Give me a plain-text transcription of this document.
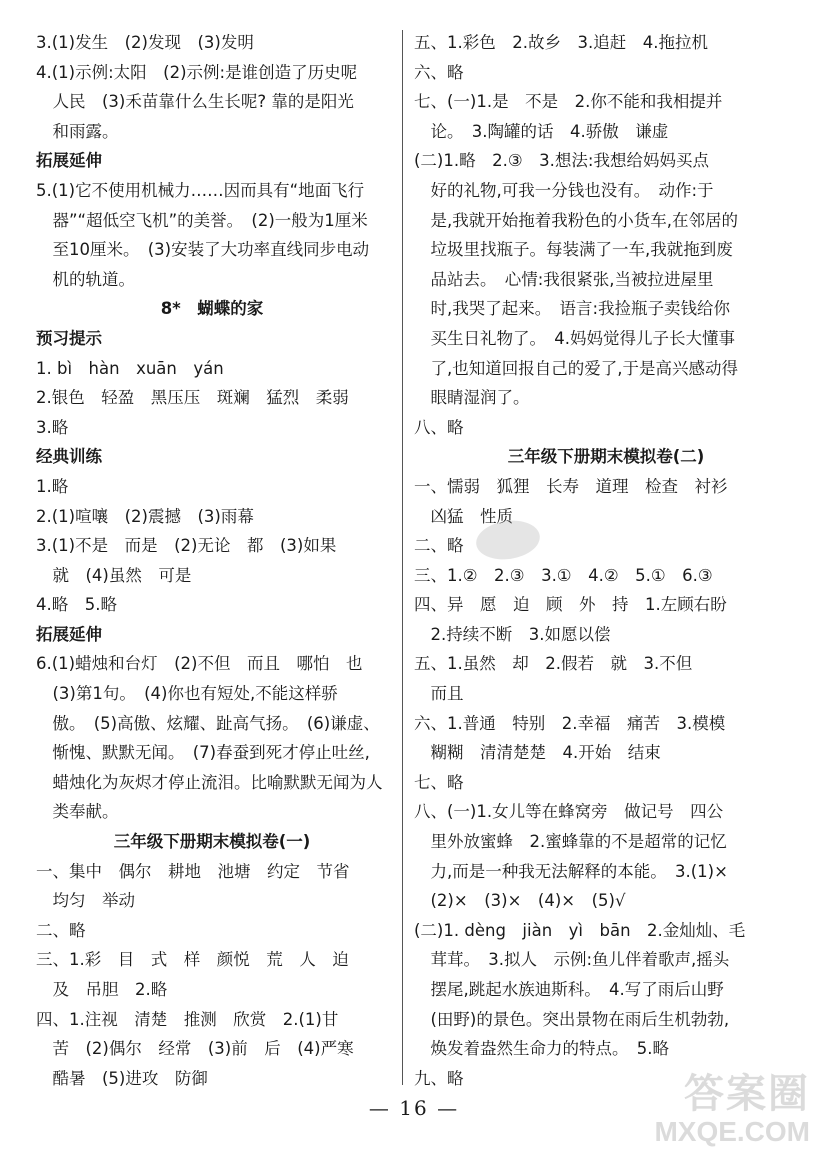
3.(1)发生　(2)发现　(3)发明
4.(1)示例:太阳　(2)示例:是谁创造了历史呢
　人民　(3)禾苗靠什么生长呢? 靠的是阳光
　和雨露。
拓展延伸
5.(1)它不使用机械力……因而具有“地面飞行
　器”“超低空飞机”的美誉。　(2)一般为1厘米
　至10厘米。　(3)安装了大功率直线同步电动
　机的轨道。
8*　蝴蝶的家
预习提示
1. bì　hàn　xuān　yán
2.银色　轻盈　黑压压　斑斓　猛烈　柔弱
3.略
经典训练
1.略
2.(1)喧嚷　(2)震撼　(3)雨幕
3.(1)不是　而是　(2)无论　都　(3)如果
　就　(4)虽然　可是
4.略　5.略
拓展延伸
6.(1)蜡烛和台灯　(2)不但　而且　哪怕　也
　(3)第1句。　(4)你也有短处,不能这样骄
　傲。　(5)高傲、炫耀、趾高气扬。　(6)谦虚、
　惭愧、默默无闻。　(7)春蚕到死才停止吐丝,
　蜡烛化为灰烬才停止流泪。比喻默默无闻为人
　类奉献。
三年级下册期末模拟卷(一)
一、集中　偶尔　耕地　池塘　约定　节省
　均匀　举动
二、略
三、1.彩　目　式　样　颜悦　荒　人　迫
　及　吊胆　2.略
四、1.注视　清楚　推测　欣赏　2.(1)甘
　苦　(2)偶尔　经常　(3)前　后　(4)严寒
　酷暑　(5)进攻　防御
五、1.彩色　2.故乡　3.追赶　4.拖拉机
六、略
七、(一)1.是　不是　2.你不能和我相提并
　论。　3.陶罐的话　4.骄傲　谦虚
(二)1.略　2.③　3.想法:我想给妈妈买点
　好的礼物,可我一分钱也没有。　动作:于
　是,我就开始拖着我粉色的小货车,在邻居的
　垃圾里找瓶子。每装满了一车,我就拖到废
　品站去。　心情:我很紧张,当被拉进屋里
　时,我哭了起来。　语言:我捡瓶子卖钱给你
　买生日礼物了。　4.妈妈觉得儿子长大懂事
　了,也知道回报自己的爱了,于是高兴感动得
　眼睛湿润了。
八、略
三年级下册期末模拟卷(二)
一、懦弱　狐狸　长寿　道理　检查　衬衫
　凶猛　性质
二、略
三、1.②　2.③　3.①　4.②　5.①　6.③
四、异　愿　迫　顾　外　持　1.左顾右盼
　2.持续不断　3.如愿以偿
五、1.虽然　却　2.假若　就　3.不但
　而且
六、1.普通　特别　2.幸福　痛苦　3.模模
　糊糊　清清楚楚　4.开始　结束
七、略
八、(一)1.女儿等在蜂窝旁　做记号　四公
　里外放蜜蜂　2.蜜蜂靠的不是超常的记忆
　力,而是一种我无法解释的本能。　3.(1)×
　(2)×　(3)×　(4)×　(5)√
(二)1. dèng　jiàn　yì　bān　2.金灿灿、毛
　茸茸。　3.拟人　示例:鱼儿伴着歌声,摇头
　摆尾,跳起水族迪斯科。　4.写了雨后山野
　(田野)的景色。突出景物在雨后生机勃勃,
　焕发着盎然生命力的特点。　5.略
九、略
— 16 —	答案圈
MXQE.COM
